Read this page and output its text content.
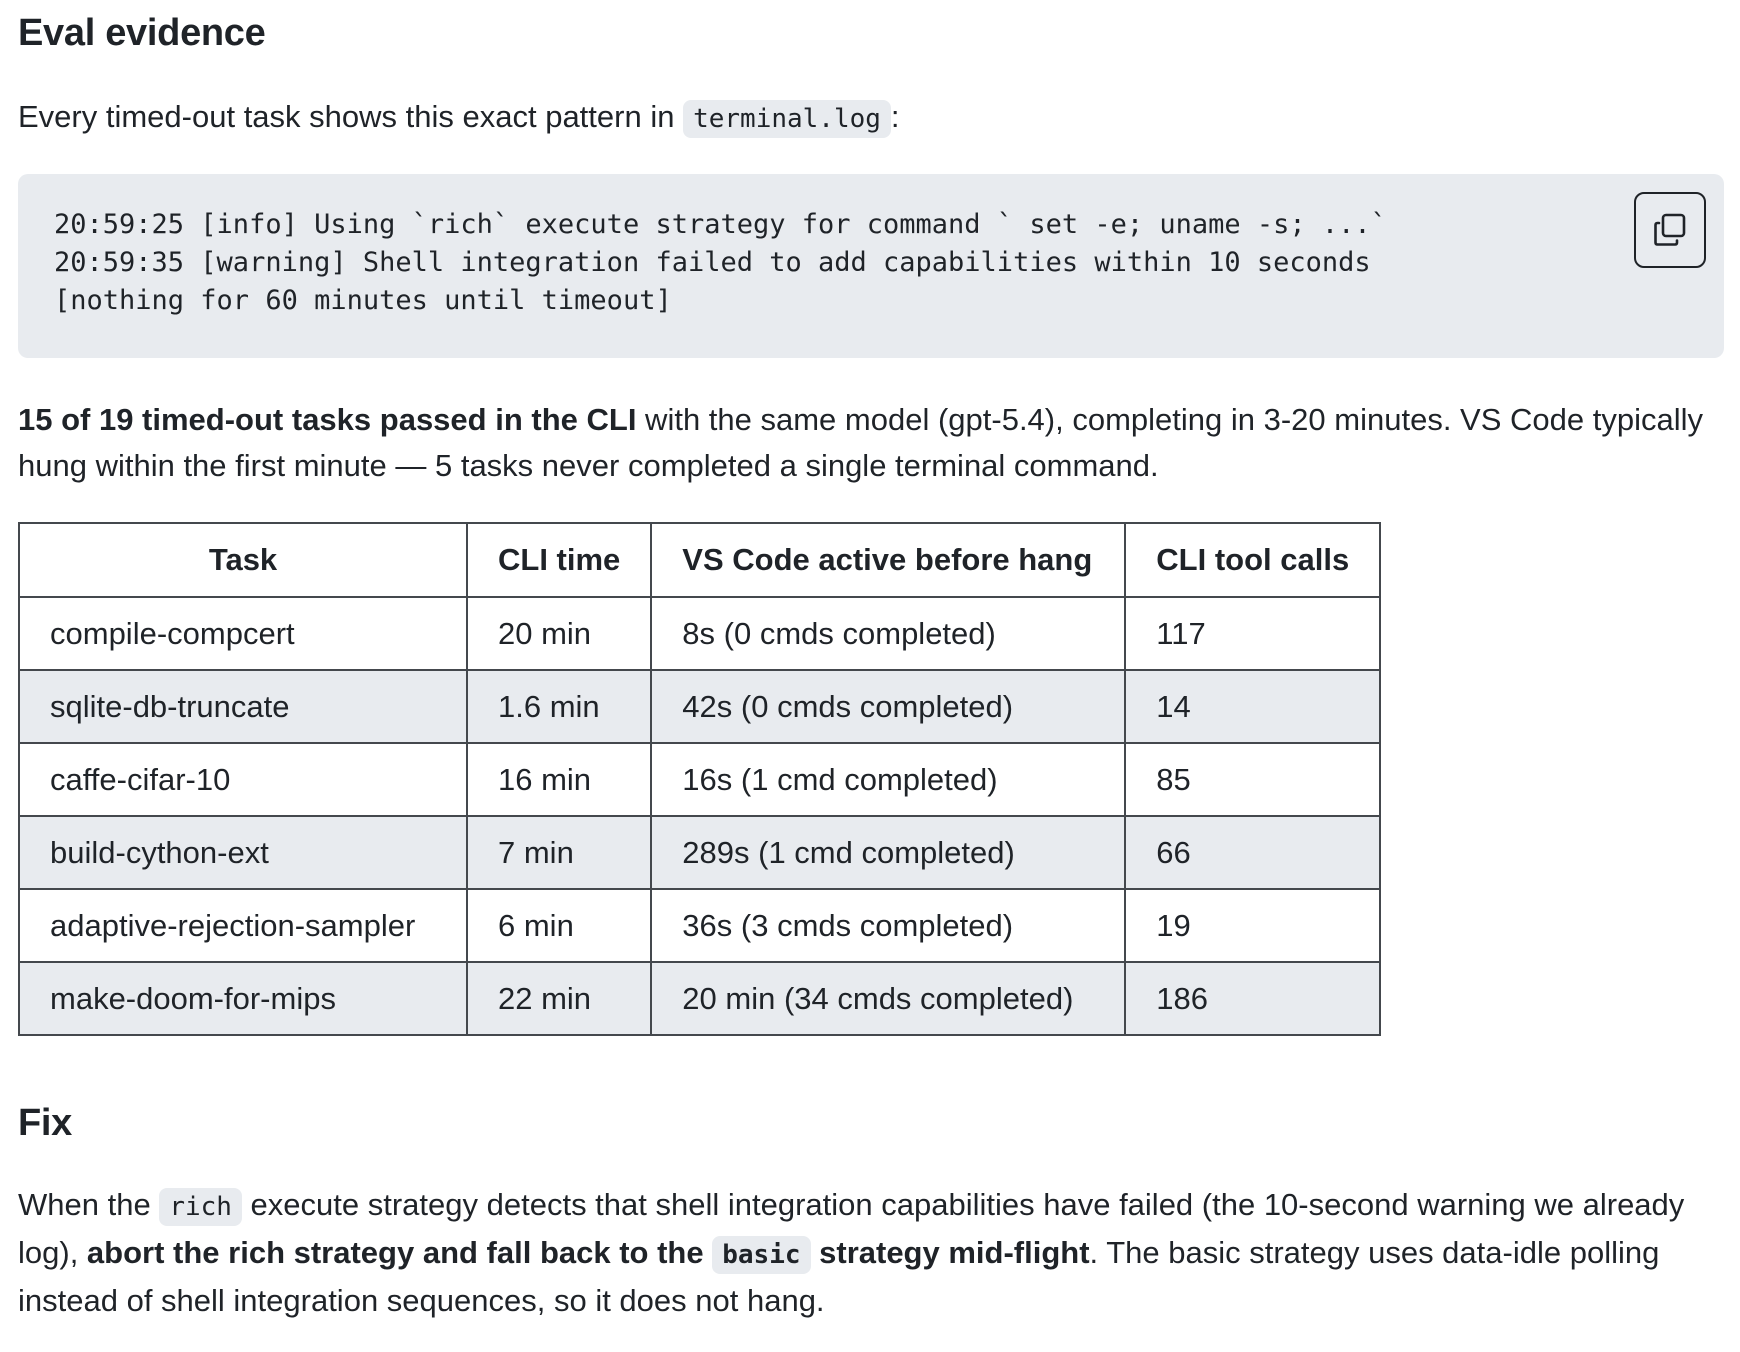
Eval evidence

Every timed-out task shows this exact pattern in terminal.log :

20:59:25 [info] Using `rich` execute strategy for command ` set -e; uname -s; ...`
20:59:35 [warning] Shell integration failed to add capabilities within 10 seconds
[nothing for 60 minutes until timeout]

15 of 19 timed-out tasks passed in the CLI with the same model (gpt-5.4), completing in 3-20 minutes. VS Code typically hung within the first minute — 5 tasks never completed a single terminal command.

Task	CLI time	VS Code active before hang	CLI tool calls
compile-compcert	20 min	8s (0 cmds completed)	117
sqlite-db-truncate	1.6 min	42s (0 cmds completed)	14
caffe-cifar-10	16 min	16s (1 cmd completed)	85
build-cython-ext	7 min	289s (1 cmd completed)	66
adaptive-rejection-sampler	6 min	36s (3 cmds completed)	19
make-doom-for-mips	22 min	20 min (34 cmds completed)	186
Fix

When the rich execute strategy detects that shell integration capabilities have failed (the 10-second warning we already log), abort the rich strategy and fall back to the basic strategy mid-flight. The basic strategy uses data-idle polling instead of shell integration sequences, so it does not hang.
